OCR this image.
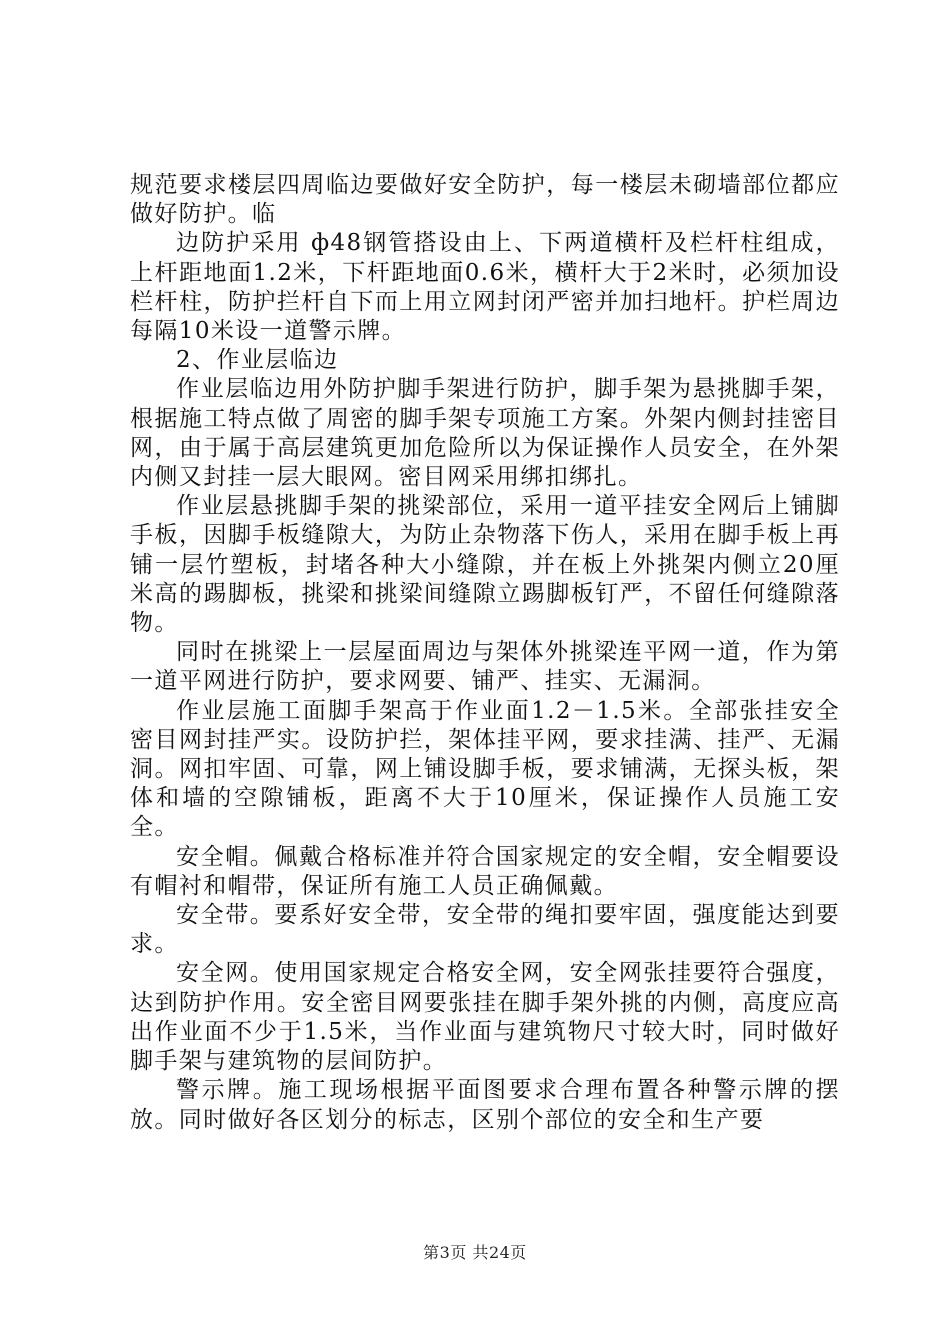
规范要求楼层四周临边要做好安全防护，每一楼层未砌墙部位都应做好防护。临

边防护采用 ф48钢管搭设由上、下两道横杆及栏杆柱组成，上杆距地面1.2米，下杆距地面0.6米，横杆大于2米时，必须加设栏杆柱，防护拦杆自下而上用立网封闭严密并加扫地杆。护栏周边每隔10米设一道警示牌。

2、作业层临边

作业层临边用外防护脚手架进行防护，脚手架为悬挑脚手架，根据施工特点做了周密的脚手架专项施工方案。外架内侧封挂密目网，由于属于高层建筑更加危险所以为保证操作人员安全，在外架内侧又封挂一层大眼网。密目网采用绑扣绑扎。

作业层悬挑脚手架的挑梁部位，采用一道平挂安全网后上铺脚手板，因脚手板缝隙大，为防止杂物落下伤人，采用在脚手板上再铺一层竹塑板，封堵各种大小缝隙，并在板上外挑架内侧立20厘米高的踢脚板，挑梁和挑梁间缝隙立踢脚板钉严，不留任何缝隙落物。

同时在挑梁上一层屋面周边与架体外挑梁连平网一道，作为第一道平网进行防护，要求网要、铺严、挂实、无漏洞。

作业层施工面脚手架高于作业面1.2－1.5米。全部张挂安全密目网封挂严实。设防护拦，架体挂平网，要求挂满、挂严、无漏洞。网扣牢固、可靠，网上铺设脚手板，要求铺满，无探头板，架体和墙的空隙铺板，距离不大于10厘米，保证操作人员施工安全。

安全帽。佩戴合格标准并符合国家规定的安全帽，安全帽要设有帽衬和帽带，保证所有施工人员正确佩戴。

安全带。要系好安全带，安全带的绳扣要牢固，强度能达到要求。

安全网。使用国家规定合格安全网，安全网张挂要符合强度，达到防护作用。安全密目网要张挂在脚手架外挑的内侧，高度应高出作业面不少于1.5米，当作业面与建筑物尺寸较大时，同时做好脚手架与建筑物的层间防护。

警示牌。施工现场根据平面图要求合理布置各种警示牌的摆放。同时做好各区划分的标志，区别个部位的安全和生产要

第3页 共24页
